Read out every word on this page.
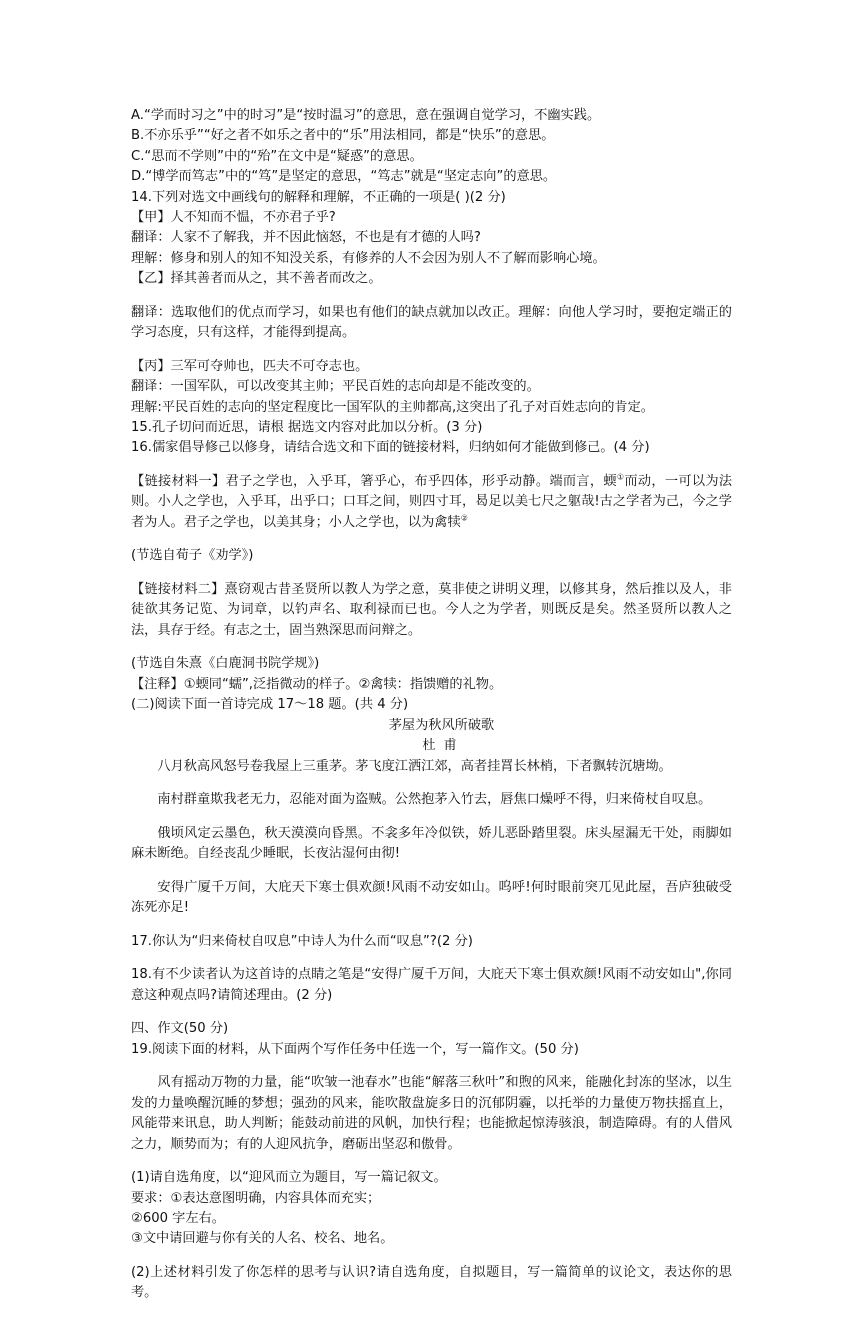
A.“学而时习之”中的时习”是“按时温习”的意思，意在强调自觉学习，不幽实践。

B.不亦乐乎”“好之者不如乐之者中的“乐”用法相同，都是“快乐”的意思。

C.“思而不学则”中的“殆”在文中是“疑惑”的意思。

D.“博学而笃志”中的“笃”是坚定的意思，“笃志”就是“坚定志向”的意思。

14.下列对选文中画线句的解释和理解，不正确的一项是( )(2 分)

【甲】人不知而不愠，不亦君子乎?

翻译：人家不了解我，并不因此恼怒，不也是有才德的人吗?

理解：修身和别人的知不知没关系，有修养的人不会因为别人不了解而影响心境。

【乙】择其善者而从之，其不善者而改之。

翻译：选取他们的优点而学习，如果也有他们的缺点就加以改正。理解：向他人学习时，要抱定端正的学习态度，只有这样，才能得到提高。

【丙】三军可夺帅也，匹夫不可夺志也。

翻译：一国军队，可以改变其主帅；平民百姓的志向却是不能改变的。

理解:平民百姓的志向的坚定程度比一国军队的主帅都高,这突出了孔子对百姓志向的肯定。

15.孔子切问而近思，请根 据选文内容对此加以分析。(3 分)

16.儒家倡导修己以修身，请结合选文和下面的链接材料，归纳如何才能做到修己。(4 分)

【链接材料一】君子之学也，入乎耳，箸乎心，布乎四体，形乎动静。端而言，蝡①而动，一可以为法则。小人之学也，入乎耳，出乎口；口耳之间，则四寸耳，曷足以美七尺之躯哉!古之学者为己，今之学者为人。君子之学也，以美其身；小人之学也，以为禽犊②

(节选自荀子《劝学》)

【链接材料二】熹窃观古昔圣贤所以教人为学之意，莫非使之讲明义理，以修其身，然后推以及人，非徒欲其务记览、为词章，以钓声名、取利禄而已也。今人之为学者，则既反是矣。然圣贤所以教人之法，具存于经。有志之士，固当熟深思而问辩之。

(节选自朱熹《白鹿洞书院学规》)

【注释】①蝡同“蠕”,泛指微动的样子。②禽犊：指馈赠的礼物。

(二)阅读下面一首诗完成 17～18 题。(共 4 分)

茅屋为秋风所破歌

杜甫

八月秋高风怒号卷我屋上三重茅。茅飞度江洒江郊，高者挂罥长林梢，下者飘转沉塘坳。

南村群童欺我老无力，忍能对面为盗贼。公然抱茅入竹去，唇焦口燥呼不得，归来倚杖自叹息。

俄顷风定云墨色，秋天漠漠向昏黑。不衾多年冷似铁，娇儿恶卧踏里裂。床头屋漏无干处，雨脚如麻未断绝。自经丧乱少睡眠，长夜沾湿何由彻!

安得广厦千万间，大庇天下寒士俱欢颜!风雨不动安如山。呜呼!何时眼前突兀见此屋，吾庐独破受冻死亦足!

17.你认为“归来倚杖自叹息”中诗人为什么而“叹息”?(2 分)

18.有不少读者认为这首诗的点睛之笔是“安得广厦千万间，大庇天下寒士俱欢颜!风雨不动安如山",你同意这种观点吗?请简述理由。(2 分)

四、作文(50 分)

19.阅读下面的材料，从下面两个写作任务中任选一个，写一篇作文。(50 分)

风有摇动万物的力量，能“吹皱一池春水”也能“解落三秋叶”和煦的风来，能融化封冻的坚冰，以生发的力量唤醒沉睡的梦想；强劲的风来，能吹散盘旋多日的沉郁阴霾，以托举的力量使万物扶摇直上，风能带来讯息，助人判断；能鼓动前进的风帆，加快行程；也能掀起惊涛骇浪，制造障碍。有的人借风之力，顺势而为；有的人迎风抗争，磨砺出坚忍和傲骨。

(1)请自选角度，以“迎风而立为题目，写一篇记叙文。

要求：①表达意图明确，内容具体而充实；

②600 字左右。

③文中请回避与你有关的人名、校名、地名。

(2)上述材料引发了你怎样的思考与认识?请自选角度，自拟题目，写一篇简单的议论文，表达你的思考。
